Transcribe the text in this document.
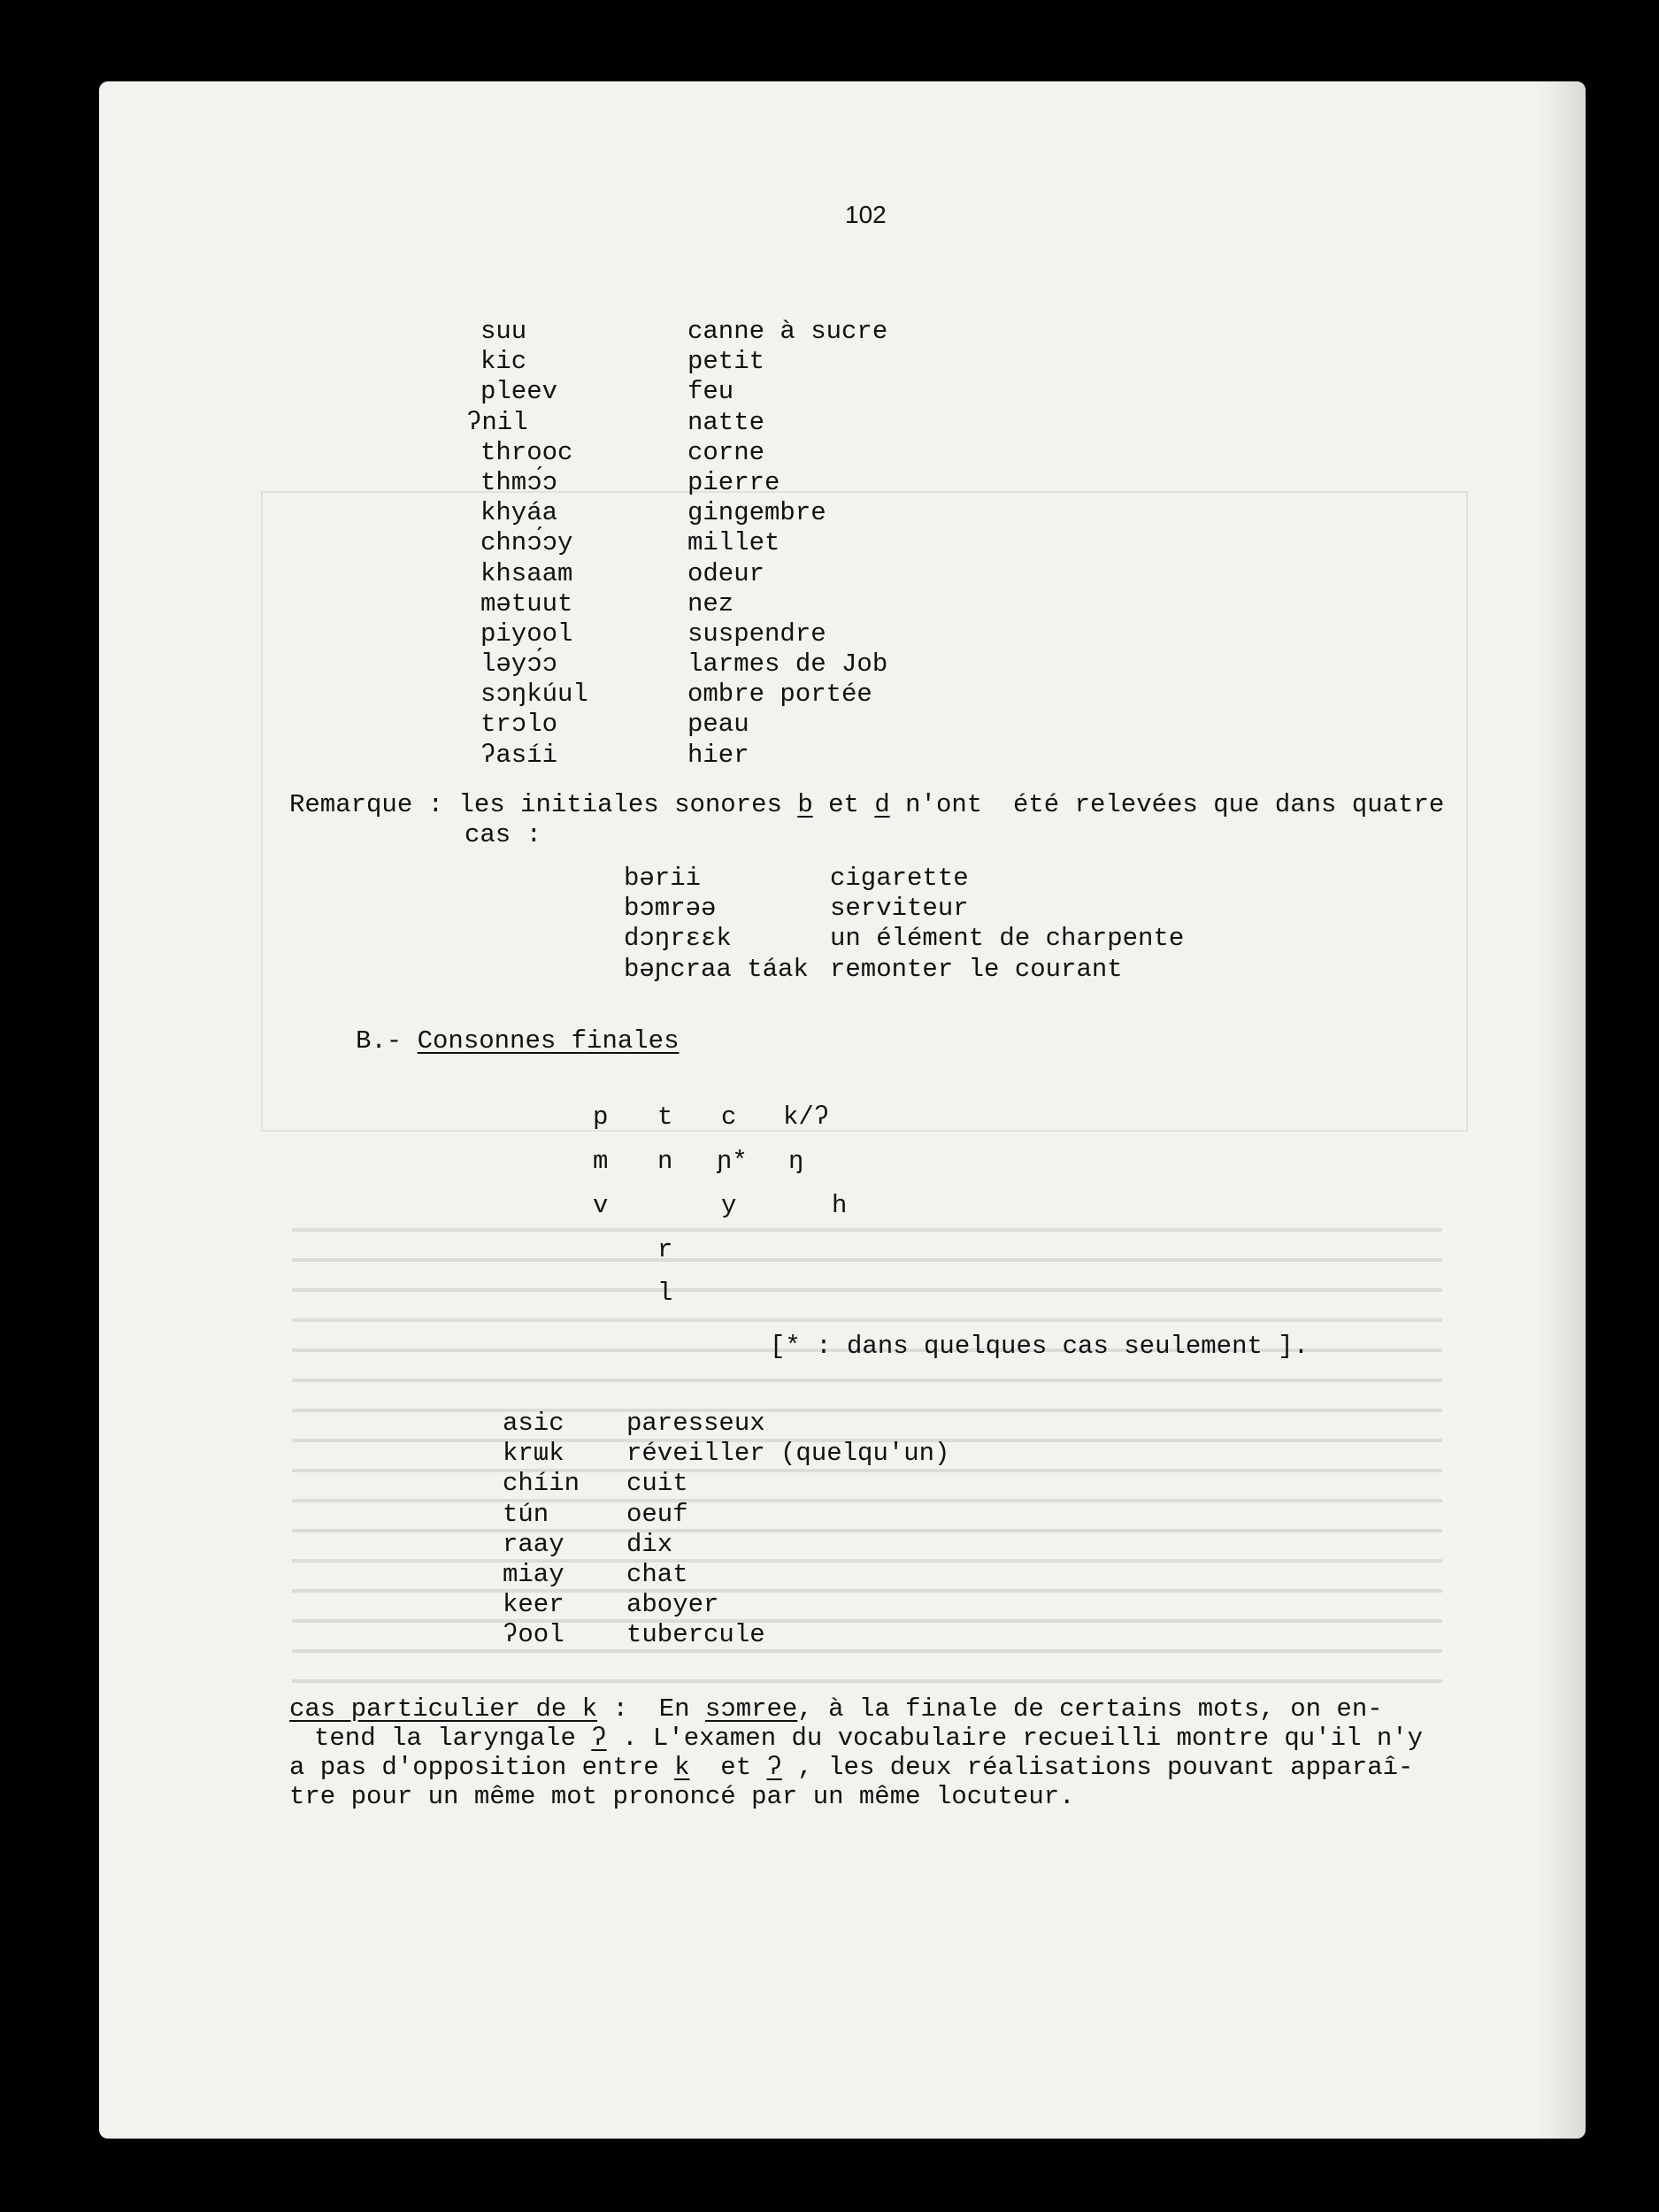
102
suu
kic
pleev
ʔnil
throoc
thmɔ́ɔ
khyáa
chnɔ́ɔy
khsaam
mətuut
piyool
ləyɔ́ɔ
sɔŋkúul
trɔlo
ʔasíi
canne à sucre
petit
feu
natte
corne
pierre
gingembre
millet
odeur
nez
suspendre
larmes de Job
ombre portée
peau
hier
Remarque : les initiales sonores b et d n'ont  été relevées que dans quatre
cas :
bərii
bɔmrəə
dɔŋrɛɛk
bəɲcraa táak
cigarette
serviteur
un élément de charpente
remonter le courant
B.- Consonnes finales
p t c k/ʔ
m n ɲ* ŋ
v	y	h
r
l
[* : dans quelques cas seulement ].
asic
krɯk
chíin
tún
raay
miay
keer
ʔool
paresseux
réveiller (quelqu'un)
cuit
oeuf
dix
chat
aboyer
tubercule
cas particulier de k : En sɔmree, à la finale de certains mots, on en-
tend la laryngale ʔ . L'examen du vocabulaire recueilli montre qu'il n'y
a pas d'opposition entre k et ʔ , les deux réalisations pouvant apparaî-
tre pour un même mot prononcé par un même locuteur.
